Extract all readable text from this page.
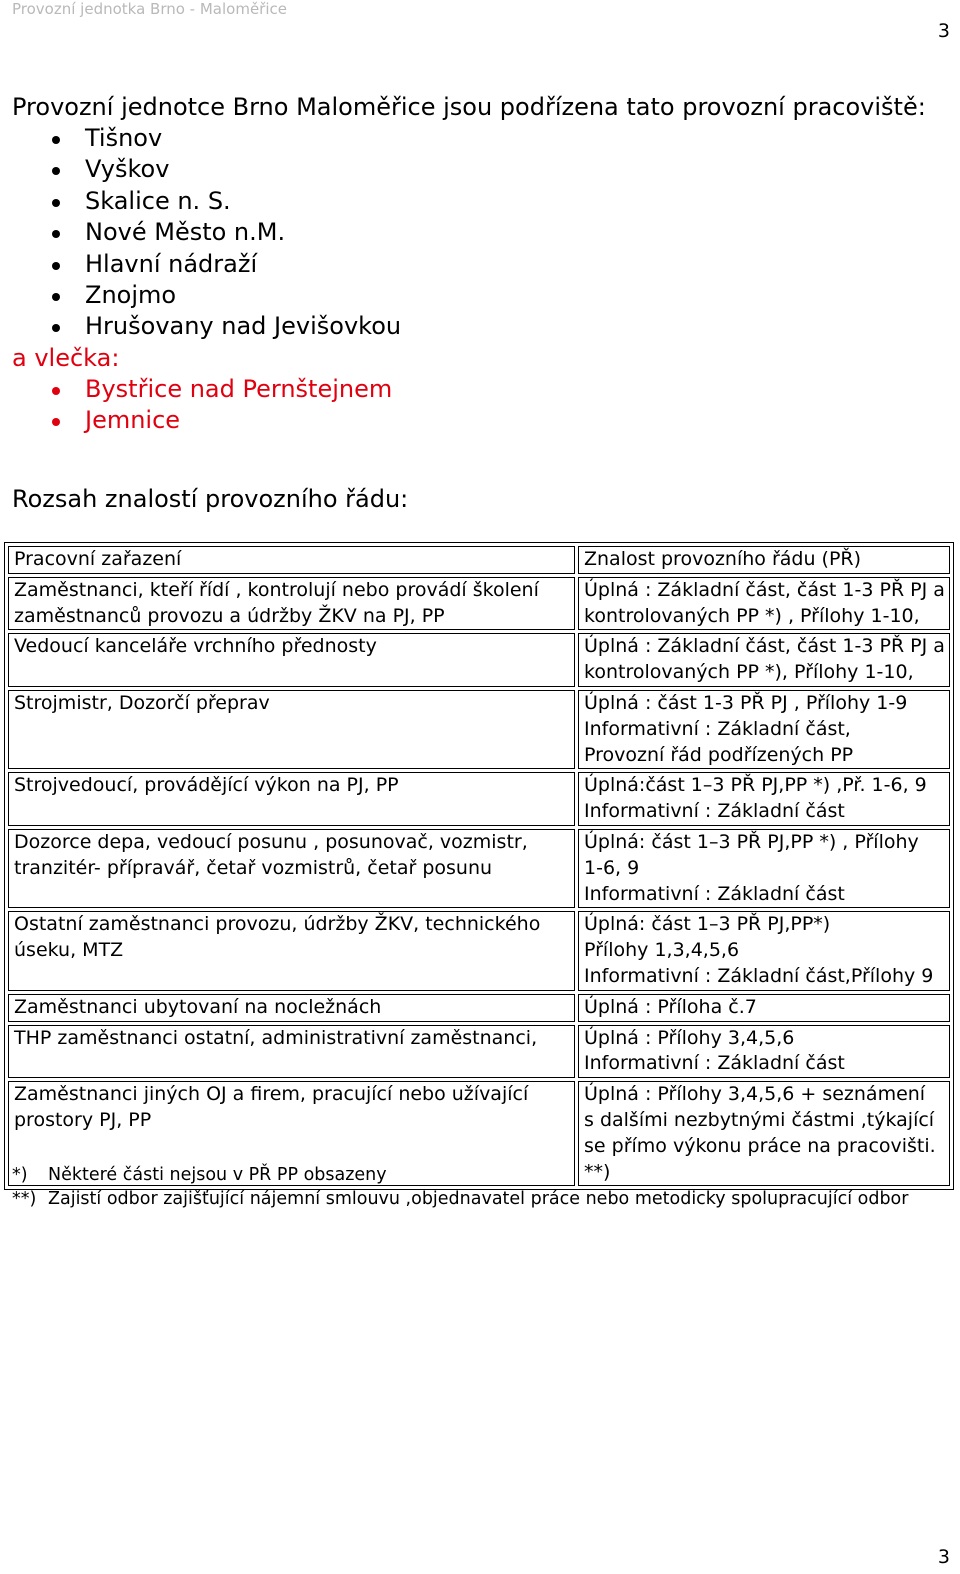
Provozní jednotka Brno - Maloměřice
3

Provozní jednotce Brno Maloměřice jsou podřízena tato provozní pracoviště:

Tišnov
Vyškov
Skalice n. S.
Nové Město n.M.
Hlavní nádraží
Znojmo
Hrušovany nad Jevišovkou

a vlečka:

Bystřice nad Pernštejnem
Jemnice
Rozsah znalostí provozního řádu:
Pracovní zařazení	Znalost provozního řádu (PŘ)

Zaměstnanci, kteří řídí , kontrolují nebo provádí školení
zaměstnanců provozu a údržby ŽKV na PJ, PP	Úplná : Základní část, část 1-3 PŘ PJ a
kontrolovaných PP *) , Přílohy 1-10,

Vedoucí kanceláře vrchního přednosty	Úplná : Základní část, část 1-3 PŘ PJ a
kontrolovaných PP *), Přílohy 1-10,

Strojmistr, Dozorčí přeprav	Úplná : část 1-3 PŘ PJ , Přílohy 1-9
Informativní : Základní část,
Provozní řád podřízených PP

Strojvedoucí, provádějící výkon na PJ, PP	Úplná:část 1–3 PŘ PJ,PP *) ,Př. 1-6, 9
Informativní : Základní část

Dozorce depa, vedoucí posunu , posunovač, vozmistr,
tranzitér- přípravář, četař vozmistrů, četař posunu	Úplná: část 1–3 PŘ PJ,PP *) , Přílohy
1-6, 9
Informativní : Základní část

Ostatní zaměstnanci provozu, údržby ŽKV, technického
úseku, MTZ	Úplná: část 1–3 PŘ PJ,PP*)
Přílohy 1,3,4,5,6
Informativní : Základní část,Přílohy 9

Zaměstnanci ubytovaní na nocležnách	Úplná : Příloha č.7

THP zaměstnanci ostatní, administrativní zaměstnanci,	Úplná : Přílohy 3,4,5,6
Informativní : Základní část

Zaměstnanci jiných OJ a firem, pracující nebo užívající
prostory PJ, PP	Úplná : Přílohy 3,4,5,6 + seznámení
s dalšími nezbytnými částmi ,týkající
se přímo výkonu práce na pracovišti.
**)
*)	Některé části nejsou v PŘ PP obsazeny
**) Zajistí odbor zajišťující nájemní smlouvu ,objednavatel práce nebo metodicky spolupracující odbor
3
